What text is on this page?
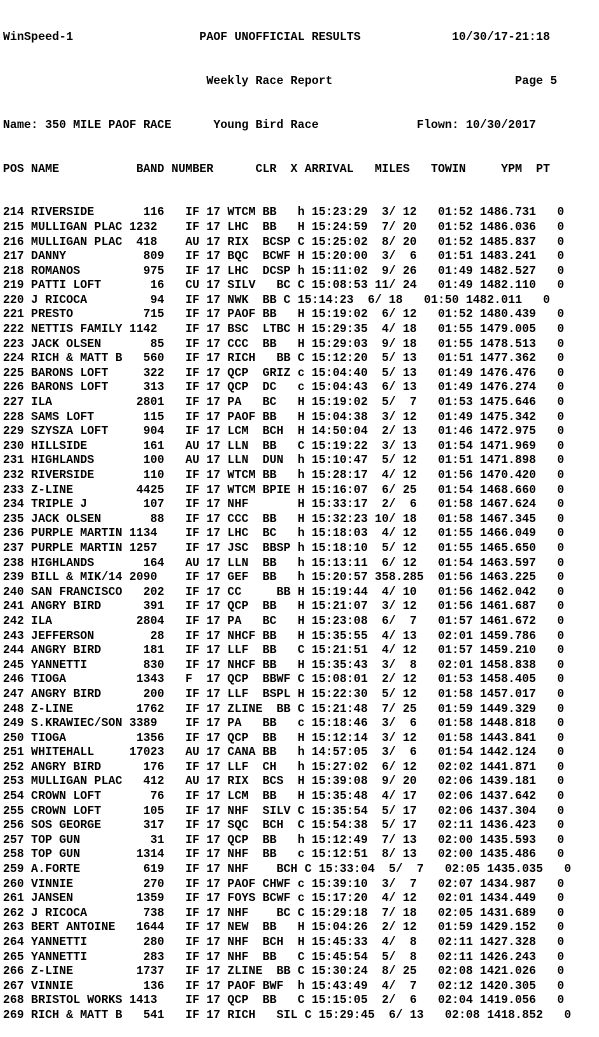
WinSpeed-1                  PAOF UNOFFICIAL RESULTS             10/30/17-21:18

Weekly Race Report                          Page 5

Name: 350 MILE PAOF RACE      Young Bird Race              Flown: 10/30/2017

POS NAME           BAND NUMBER      CLR  X ARRIVAL   MILES   TOWIN     YPM  PT

214 RIVERSIDE       116   IF 17 WTCM BB   h 15:23:29  3/ 12   01:52 1486.731   0
215 MULLIGAN PLAC 1232    IF 17 LHC  BB   H 15:24:59  7/ 20   01:52 1486.036   0
216 MULLIGAN PLAC  418    AU 17 RIX  BCSP C 15:25:02  8/ 20   01:52 1485.837   0
217 DANNY           809   IF 17 BQC  BCWF H 15:20:00  3/  6   01:51 1483.241   0
218 ROMANOS         975   IF 17 LHC  DCSP h 15:11:02  9/ 26   01:49 1482.527   0
219 PATTI LOFT       16   CU 17 SILV   BC C 15:08:53 11/ 24   01:49 1482.110   0
220 J RICOCA         94   IF 17 NWK  BB C 15:14:23  6/ 18   01:50 1482.011   0
221 PRESTO          715   IF 17 PAOF BB   H 15:19:02  6/ 12   01:52 1480.439   0
222 NETTIS FAMILY 1142    IF 17 BSC  LTBC H 15:29:35  4/ 18   01:55 1479.005   0
223 JACK OLSEN       85   IF 17 CCC  BB   H 15:29:03  9/ 18   01:55 1478.513   0
224 RICH & MATT B   560   IF 17 RICH   BB C 15:12:20  5/ 13   01:51 1477.362   0
225 BARONS LOFT     322   IF 17 QCP  GRIZ c 15:04:40  5/ 13   01:49 1476.476   0
226 BARONS LOFT     313   IF 17 QCP  DC   c 15:04:43  6/ 13   01:49 1476.274   0
227 ILA            2801   IF 17 PA   BC   H 15:19:02  5/  7   01:53 1475.646   0
228 SAMS LOFT       115   IF 17 PAOF BB   H 15:04:38  3/ 12   01:49 1475.342   0
229 SZYSZA LOFT     904   IF 17 LCM  BCH  H 14:50:04  2/ 13   01:46 1472.975   0
230 HILLSIDE        161   AU 17 LLN  BB   C 15:19:22  3/ 13   01:54 1471.969   0
231 HIGHLANDS       100   AU 17 LLN  DUN  h 15:10:47  5/ 12   01:51 1471.898   0
232 RIVERSIDE       110   IF 17 WTCM BB   h 15:28:17  4/ 12   01:56 1470.420   0
233 Z-LINE         4425   IF 17 WTCM BPIE H 15:16:07  6/ 25   01:54 1468.660   0
234 TRIPLE J        107   IF 17 NHF       H 15:33:17  2/  6   01:58 1467.624   0
235 JACK OLSEN       88   IF 17 CCC  BB   H 15:32:23 10/ 18   01:58 1467.345   0
236 PURPLE MARTIN 1134    IF 17 LHC  BC   h 15:18:03  4/ 12   01:55 1466.049   0
237 PURPLE MARTIN 1257    IF 17 JSC  BBSP h 15:18:10  5/ 12   01:55 1465.650   0
238 HIGHLANDS       164   AU 17 LLN  BB   h 15:13:11  6/ 12   01:54 1463.597   0
239 BILL & MIK/14 2090    IF 17 GEF  BB   h 15:20:57 358.285  01:56 1463.225   0
240 SAN FRANCISCO   202   IF 17 CC     BB H 15:19:44  4/ 10   01:56 1462.042   0
241 ANGRY BIRD      391   IF 17 QCP  BB   H 15:21:07  3/ 12   01:56 1461.687   0
242 ILA            2804   IF 17 PA   BC   H 15:23:08  6/  7   01:57 1461.672   0
243 JEFFERSON        28   IF 17 NHCF BB   H 15:35:55  4/ 13   02:01 1459.786   0
244 ANGRY BIRD      181   IF 17 LLF  BB   C 15:21:51  4/ 12   01:57 1459.210   0
245 YANNETTI        830   IF 17 NHCF BB   H 15:35:43  3/  8   02:01 1458.838   0
246 TIOGA          1343   F  17 QCP  BBWF C 15:08:01  2/ 12   01:53 1458.405   0
247 ANGRY BIRD      200   IF 17 LLF  BSPL H 15:22:30  5/ 12   01:58 1457.017   0
248 Z-LINE         1762   IF 17 ZLINE  BB C 15:21:48  7/ 25   01:59 1449.329   0
249 S.KRAWIEC/SON 3389    IF 17 PA   BB   c 15:18:46  3/  6   01:58 1448.818   0
250 TIOGA          1356   IF 17 QCP  BB   H 15:12:14  3/ 12   01:58 1443.841   0
251 WHITEHALL     17023   AU 17 CANA BB   h 14:57:05  3/  6   01:54 1442.124   0
252 ANGRY BIRD      176   IF 17 LLF  CH   h 15:27:02  6/ 12   02:02 1441.871   0
253 MULLIGAN PLAC   412   AU 17 RIX  BCS  H 15:39:08  9/ 20   02:06 1439.181   0
254 CROWN LOFT       76   IF 17 LCM  BB   H 15:35:48  4/ 17   02:06 1437.642   0
255 CROWN LOFT      105   IF 17 NHF  SILV C 15:35:54  5/ 17   02:06 1437.304   0
256 SOS GEORGE      317   IF 17 SQC  BCH  C 15:54:38  5/ 17   02:11 1436.423   0
257 TOP GUN          31   IF 17 QCP  BB   h 15:12:49  7/ 13   02:00 1435.593   0
258 TOP GUN        1314   IF 17 NHF  BB   c 15:12:51  8/ 13   02:00 1435.486   0
259 A.FORTE         619   IF 17 NHF    BCH C 15:33:04  5/  7   02:05 1435.035   0
260 VINNIE          270   IF 17 PAOF CHWF c 15:39:10  3/  7   02:07 1434.987   0
261 JANSEN         1359   IF 17 FOYS BCWF c 15:17:20  4/ 12   02:01 1434.449   0
262 J RICOCA        738   IF 17 NHF    BC C 15:29:18  7/ 18   02:05 1431.689   0
263 BERT ANTOINE   1644   IF 17 NEW  BB   H 15:04:26  2/ 12   01:59 1429.152   0
264 YANNETTI        280   IF 17 NHF  BCH  H 15:45:33  4/  8   02:11 1427.328   0
265 YANNETTI        283   IF 17 NHF  BB   C 15:45:54  5/  8   02:11 1426.243   0
266 Z-LINE         1737   IF 17 ZLINE  BB C 15:30:24  8/ 25   02:08 1421.026   0
267 VINNIE          136   IF 17 PAOF BWF  h 15:43:49  4/  7   02:12 1420.305   0
268 BRISTOL WORKS 1413    IF 17 QCP  BB   C 15:15:05  2/  6   02:04 1419.056   0
269 RICH & MATT B   541   IF 17 RICH   SIL C 15:29:45  6/ 13   02:08 1418.852   0
